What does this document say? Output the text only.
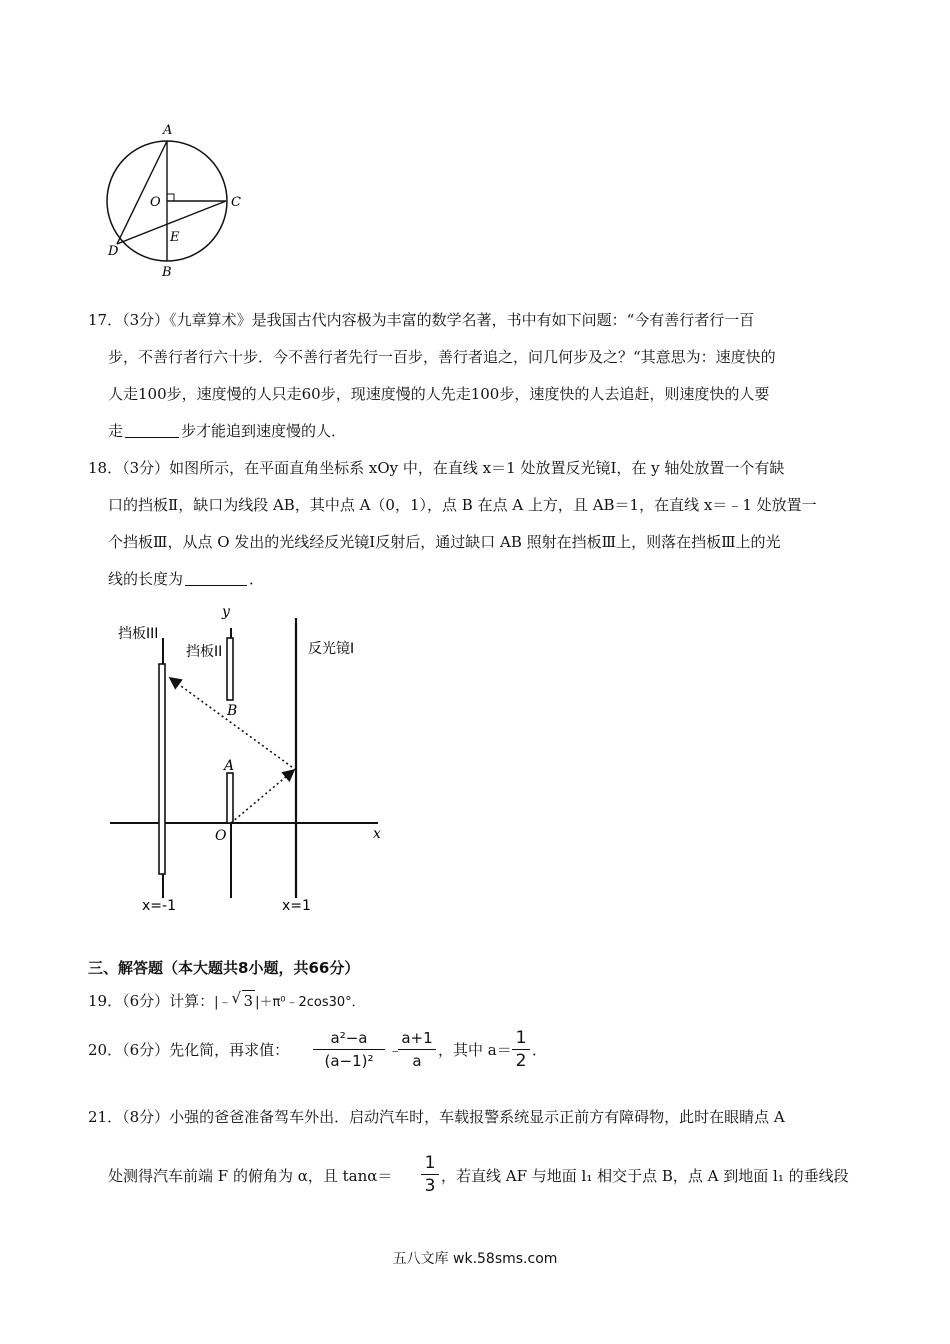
A
O	C
D
E
B
17．（3分）《九章算术》是我国古代内容极为丰富的数学名著，书中有如下问题：“今有善行者行一百
步，不善行者行六十步．今不善行者先行一百步，善行者追之，问几何步及之？“其意思为：速度快的
人走100步，速度慢的人只走60步，现速度慢的人先走100步，速度快的人去追赶，则速度快的人要
走	步才能追到速度慢的人．
18．（3分）如图所示，在平面直角坐标系 xOy 中，在直线 x＝1 处放置反光镜Ⅰ，在 y 轴处放置一个有缺
口的挡板Ⅱ，缺口为线段 AB，其中点 A（0，1），点 B 在点 A 上方，且 AB＝1，在直线 x＝﹣1 处放置一
个挡板Ⅲ，从点 O 发出的光线经反光镜Ⅰ反射后，通过缺口 AB 照射在挡板Ⅲ上，则落在挡板Ⅲ上的光
线的长度为	．
挡板III
挡板II	反光镜I
y
x
B
A
O
x=-1	x=1
三、解答题（本大题共8小题，共66分）
19．（6分）计算：|﹣ √ 3 |＋π⁰﹣2cos30°．
20．（6分）先化简，再求值：
a²−a
(a−1)²
﹣
a+1
a
，其中 a＝
1
2
．
21．（8分）小强的爸爸准备驾车外出．启动汽车时，车载报警系统显示正前方有障碍物，此时在眼睛点 A
处测得汽车前端 F 的俯角为 α，且 tanα＝
1
3 ，若直线 AF 与地面 l₁ 相交于点 B，点 A 到地面 l₁ 的垂线段
五八文库 wk.58sms.com
